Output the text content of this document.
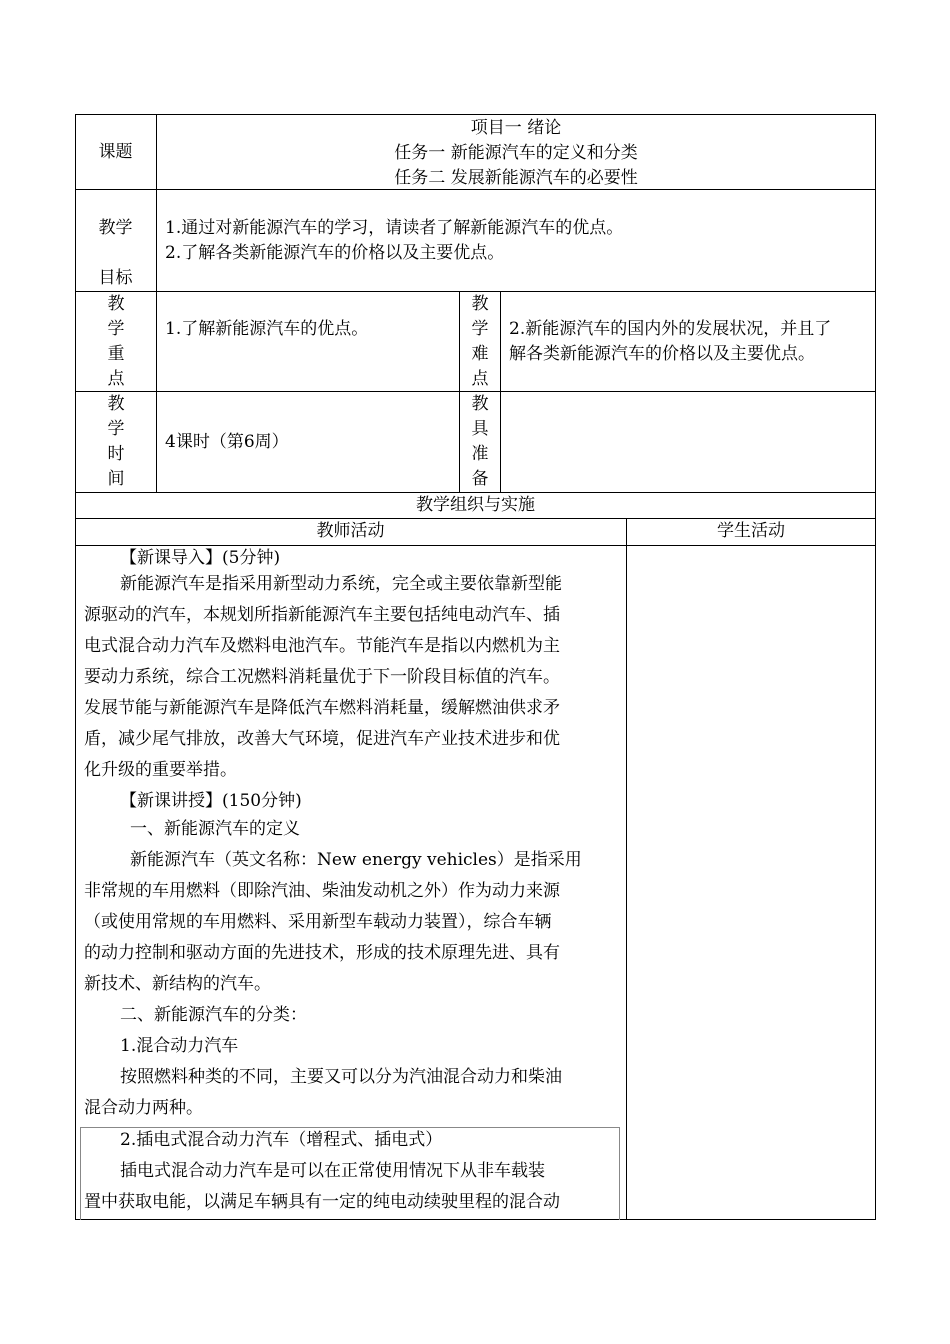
课题
项目一 绪论
任务一 新能源汽车的定义和分类
任务二 发展新能源汽车的必要性
教学
目标
1.通过对新能源汽车的学习，请读者了解新能源汽车的优点。
2.了解各类新能源汽车的价格以及主要优点。
教
学
重
点
1.了解新能源汽车的优点。
教
学
难
点
2.新能源汽车的国内外的发展状况，并且了
解各类新能源汽车的价格以及主要优点。
教
学
时
间
4课时（第6周）
教
具
准
备
教学组织与实施
教师活动	学生活动
【新课导入】(5分钟)
新能源汽车是指采用新型动力系统，完全或主要依靠新型能
源驱动的汽车，本规划所指新能源汽车主要包括纯电动汽车、插
电式混合动力汽车及燃料电池汽车。节能汽车是指以内燃机为主
要动力系统，综合工况燃料消耗量优于下一阶段目标值的汽车。
发展节能与新能源汽车是降低汽车燃料消耗量，缓解燃油供求矛
盾，减少尾气排放，改善大气环境，促进汽车产业技术进步和优
化升级的重要举措。
【新课讲授】(150分钟)
一、新能源汽车的定义
新能源汽车（英文名称：New energy vehicles）是指采用
非常规的车用燃料（即除汽油、柴油发动机之外）作为动力来源
（或使用常规的车用燃料、采用新型车载动力装置），综合车辆
的动力控制和驱动方面的先进技术，形成的技术原理先进、具有
新技术、新结构的汽车。
二、新能源汽车的分类：
1.混合动力汽车
按照燃料种类的不同，主要又可以分为汽油混合动力和柴油
混合动力两种。
2.插电式混合动力汽车（增程式、插电式）
插电式混合动力汽车是可以在正常使用情况下从非车载装
置中获取电能，以满足车辆具有一定的纯电动续驶里程的混合动
